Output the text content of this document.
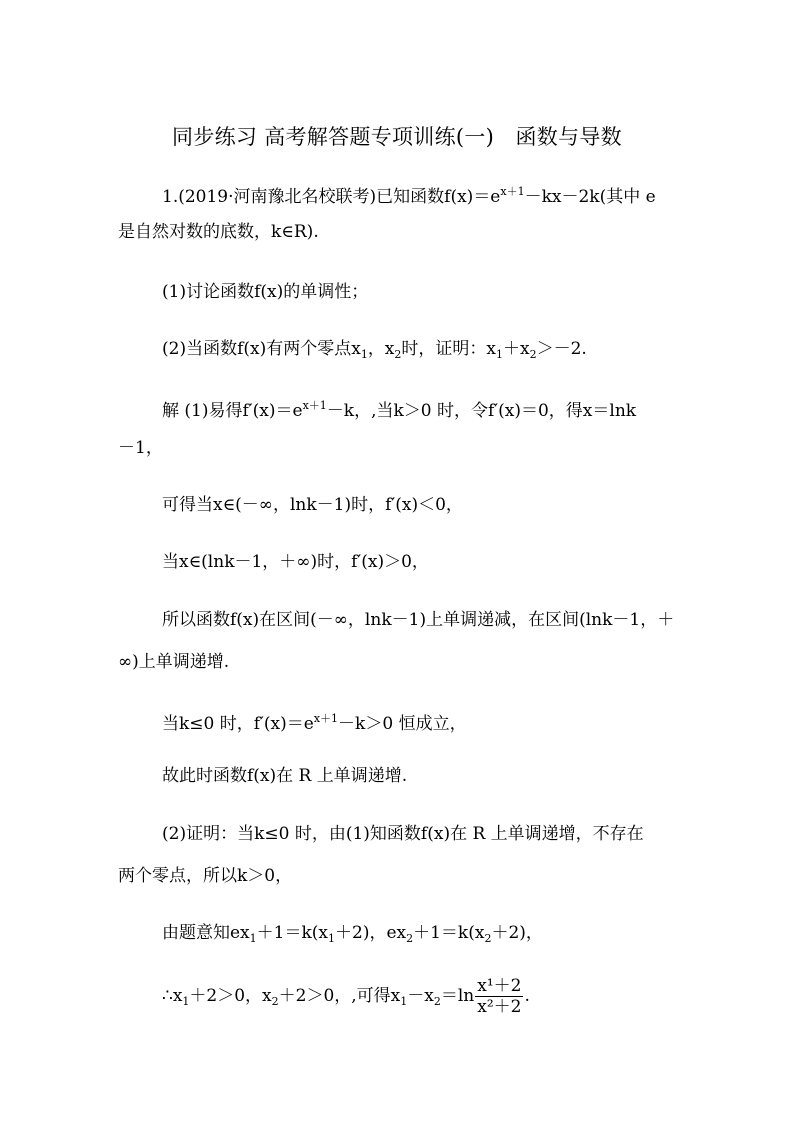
同步练习 高考解答题专项训练(一)　函数与导数
1.(2019·河南豫北名校联考)已知函数$f(x)=e^{x+1}-kx-2k$(其中 e
是自然对数的底数，k∈R).
(1)讨论函数f(x)的单调性；
(2)当函数f(x)有两个零点$x_1$，$x_2$时，证明：$x_1+x_2>-2$.
解 (1)易得$f'(x)=e^{x+1}-k$，,当k＞0 时，令f′(x)＝0，得x＝lnk
－1，
可得当x∈(－∞，lnk－1)时，f′(x)＜0，
当x∈(lnk－1，＋∞)时，f′(x)＞0，
所以函数f(x)在区间(－∞，lnk－1)上单调递减，在区间(lnk－1，＋
∞)上单调递增.
当k≤0 时，$f'(x)=e^{x+1}-k>0$ 恒成立，
故此时函数f(x)在 R 上单调递增.
(2)证明：当k≤0 时，由(1)知函数f(x)在 R 上单调递增，不存在
两个零点，所以k＞0，
由题意知$ex_1+1=k(x_1+2)$，$ex_2+1=k(x_2+2)$，
$\therefore x_1+2>0$，$x_2+2>0$，,可得$x_1-x_2=\ln \frac{\text{x¹＋2}}{\text{x²＋2}}$ .
